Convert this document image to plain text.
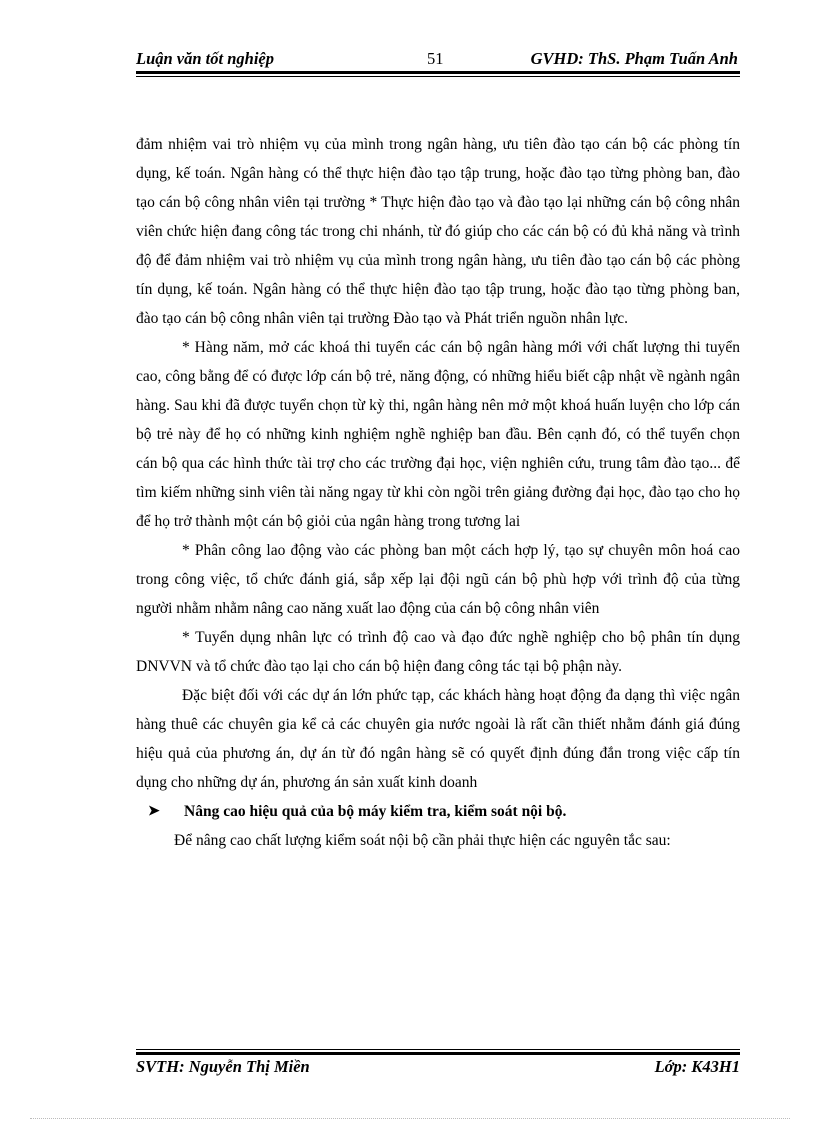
Luận văn tốt nghiệp	51	GVHD: ThS. Phạm Tuấn Anh

đảm nhiệm vai trò nhiệm vụ của mình trong ngân hàng, ưu tiên đào tạo cán bộ các phòng tín dụng, kế toán. Ngân hàng có thể thực hiện đào tạo tập trung, hoặc đào tạo từng phòng ban, đào tạo cán bộ công nhân viên tại trường * Thực hiện đào tạo và đào tạo lại những cán bộ công nhân viên chức hiện đang công tác trong chi nhánh, từ đó giúp cho các cán bộ có đủ khả năng và trình độ để đảm nhiệm vai trò nhiệm vụ của mình trong ngân hàng, ưu tiên đào tạo cán bộ các phòng tín dụng, kế toán. Ngân hàng có thể thực hiện đào tạo tập trung, hoặc đào tạo từng phòng ban, đào tạo cán bộ công nhân viên tại trường Đào tạo và Phát triển nguồn nhân lực.

* Hàng năm, mở các khoá thi tuyển các cán bộ ngân hàng mới với chất lượng thi tuyển cao, công bằng để có được lớp cán bộ trẻ, năng động, có những hiểu biết cập nhật về ngành ngân hàng. Sau khi đã được tuyển chọn từ kỳ thi, ngân hàng nên mở một khoá huấn luyện cho lớp cán bộ trẻ này để họ có những kinh nghiệm nghề nghiệp ban đầu. Bên cạnh đó, có thể tuyển chọn cán bộ qua các hình thức tài trợ cho các trường đại học, viện nghiên cứu, trung tâm đào tạo... để tìm kiếm những sinh viên tài năng ngay từ khi còn ngồi trên giảng đường đại học, đào tạo cho họ để họ trở thành một cán bộ giỏi của ngân hàng trong tương lai

* Phân công lao động vào các phòng ban một cách hợp lý, tạo sự chuyên môn hoá cao trong công việc, tổ chức đánh giá, sắp xếp lại đội ngũ cán bộ phù hợp với trình độ của từng người nhằm nhằm nâng cao năng xuất lao động của cán bộ công nhân viên

* Tuyển dụng nhân lực có trình độ cao và đạo đức nghề nghiệp cho bộ phân tín dụng DNVVN và tổ chức đào tạo lại cho cán bộ hiện đang công tác tại bộ phận này.

Đặc biệt đối với các dự án lớn phức tạp, các khách hàng hoạt động đa dạng thì việc ngân hàng thuê các chuyên gia kể cả các chuyên gia nước ngoài là rất cần thiết nhằm đánh giá đúng hiệu quả của phương án, dự án từ đó ngân hàng sẽ có quyết định đúng đắn trong việc cấp tín dụng cho những dự án, phương án sản xuất kinh doanh

➤	Nâng cao hiệu quả của bộ máy kiểm tra, kiểm soát nội bộ.

Để nâng cao chất lượng kiểm soát nội bộ cần phải thực hiện các nguyên tắc sau:

SVTH: Nguyễn Thị Miền	Lớp: K43H1
